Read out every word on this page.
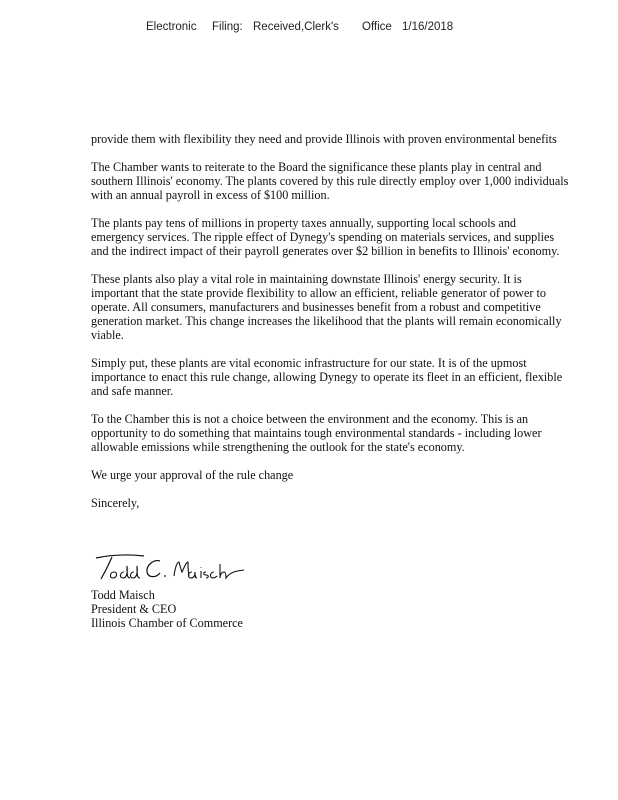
Electronic Filing: Received,Clerk's Office 1/16/2018

provide them with flexibility they need and provide Illinois with proven environmental benefits

The Chamber wants to reiterate to the Board the significance these plants play in central and southern Illinois' economy. The plants covered by this rule directly employ over 1,000 individuals with an annual payroll in excess of $100 million.

The plants pay tens of millions in property taxes annually, supporting local schools and emergency services. The ripple effect of Dynegy's spending on materials services, and supplies and the indirect impact of their payroll generates over $2 billion in benefits to Illinois' economy.

These plants also play a vital role in maintaining downstate Illinois' energy security. It is important that the state provide flexibility to allow an efficient, reliable generator of power to operate. All consumers, manufacturers and businesses benefit from a robust and competitive generation market. This change increases the likelihood that the plants will remain economically viable.

Simply put, these plants are vital economic infrastructure for our state. It is of the upmost importance to enact this rule change, allowing Dynegy to operate its fleet in an efficient, flexible and safe manner.

To the Chamber this is not a choice between the environment and the economy. This is an opportunity to do something that maintains tough environmental standards - including lower allowable emissions while strengthening the outlook for the state's economy.

We urge your approval of the rule change

Sincerely,

Todd Maisch
President & CEO
Illinois Chamber of Commerce
